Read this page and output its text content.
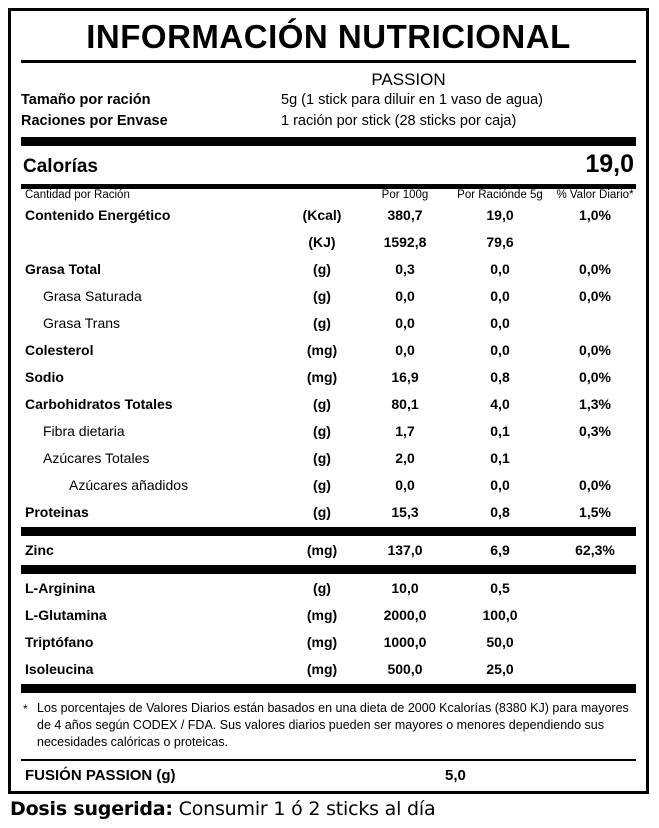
INFORMACIÓN NUTRICIONAL
PASSION
Tamaño por ración	5g (1 stick para diluir en 1 vaso de agua)
Raciones por Envase	1 ración por stick (28 sticks por caja)
Calorías	19,0
Cantidad por Ración		Por 100g	Por Raciónde 5g	% Valor Diario*
Contenido Energético	(Kcal)	380,7	19,0	1,0%
	(KJ)	1592,8	79,6	
Grasa Total	(g)	0,3	0,0	0,0%
Grasa Saturada	(g)	0,0	0,0	0,0%
Grasa Trans	(g)	0,0	0,0	
Colesterol	(mg)	0,0	0,0	0,0%
Sodio	(mg)	16,9	0,8	0,0%
Carbohidratos Totales	(g)	80,1	4,0	1,3%
Fibra dietaria	(g)	1,7	0,1	0,3%
Azúcares Totales	(g)	2,0	0,1	
Azúcares añadidos	(g)	0,0	0,0	0,0%
Proteinas	(g)	15,3	0,8	1,5%
Zinc	(mg)	137,0	6,9	62,3%
L-Arginina	(g)	10,0	0,5	
L-Glutamina	(mg)	2000,0	100,0	
Triptófano	(mg)	1000,0	50,0	
Isoleucina	(mg)	500,0	25,0	
* Los porcentajes de Valores Diarios están basados en una dieta de 2000 Kcalorías (8380 KJ) para mayores de 4 años según CODEX / FDA. Sus valores diarios pueden ser mayores o menores dependiendo sus necesidades calóricas o proteicas.
FUSIÓN PASSION (g)	5,0
Dosis sugerida: Consumir 1 ó 2 sticks al día
